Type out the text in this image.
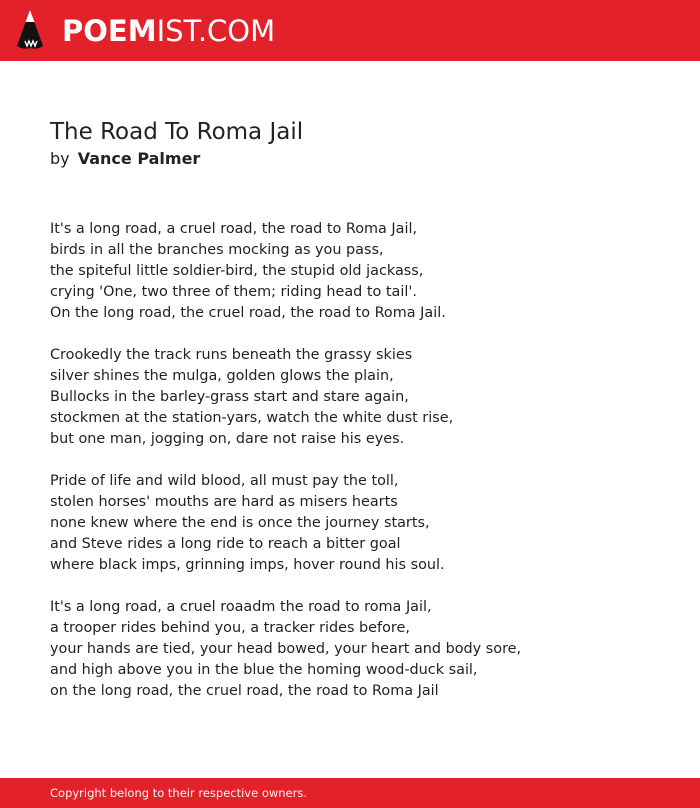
POEMIST.COM
The Road To Roma Jail
by Vance Palmer
It's a long road, a cruel road, the road to Roma Jail,
birds in all the branches mocking as you pass,
the spiteful little soldier-bird, the stupid old jackass,
crying 'One, two three of them; riding head to tail'.
On the long road, the cruel road, the road to Roma Jail.
Crookedly the track runs beneath the grassy skies
silver shines the mulga, golden glows the plain,
Bullocks in the barley-grass start and stare again,
stockmen at the station-yars, watch the white dust rise,
but one man, jogging on, dare not raise his eyes.
Pride of life and wild blood, all must pay the toll,
stolen horses' mouths are hard as misers hearts
none knew where the end is once the journey starts,
and Steve rides a long ride to reach a bitter goal
where black imps, grinning imps, hover round his soul.
It's a long road, a cruel roaadm the road to roma Jail,
a trooper rides behind you, a tracker rides before,
your hands are tied, your head bowed, your heart and body sore,
and high above you in the blue the homing wood-duck sail,
on the long road, the cruel road, the road to Roma Jail
Copyright belong to their respective owners.
